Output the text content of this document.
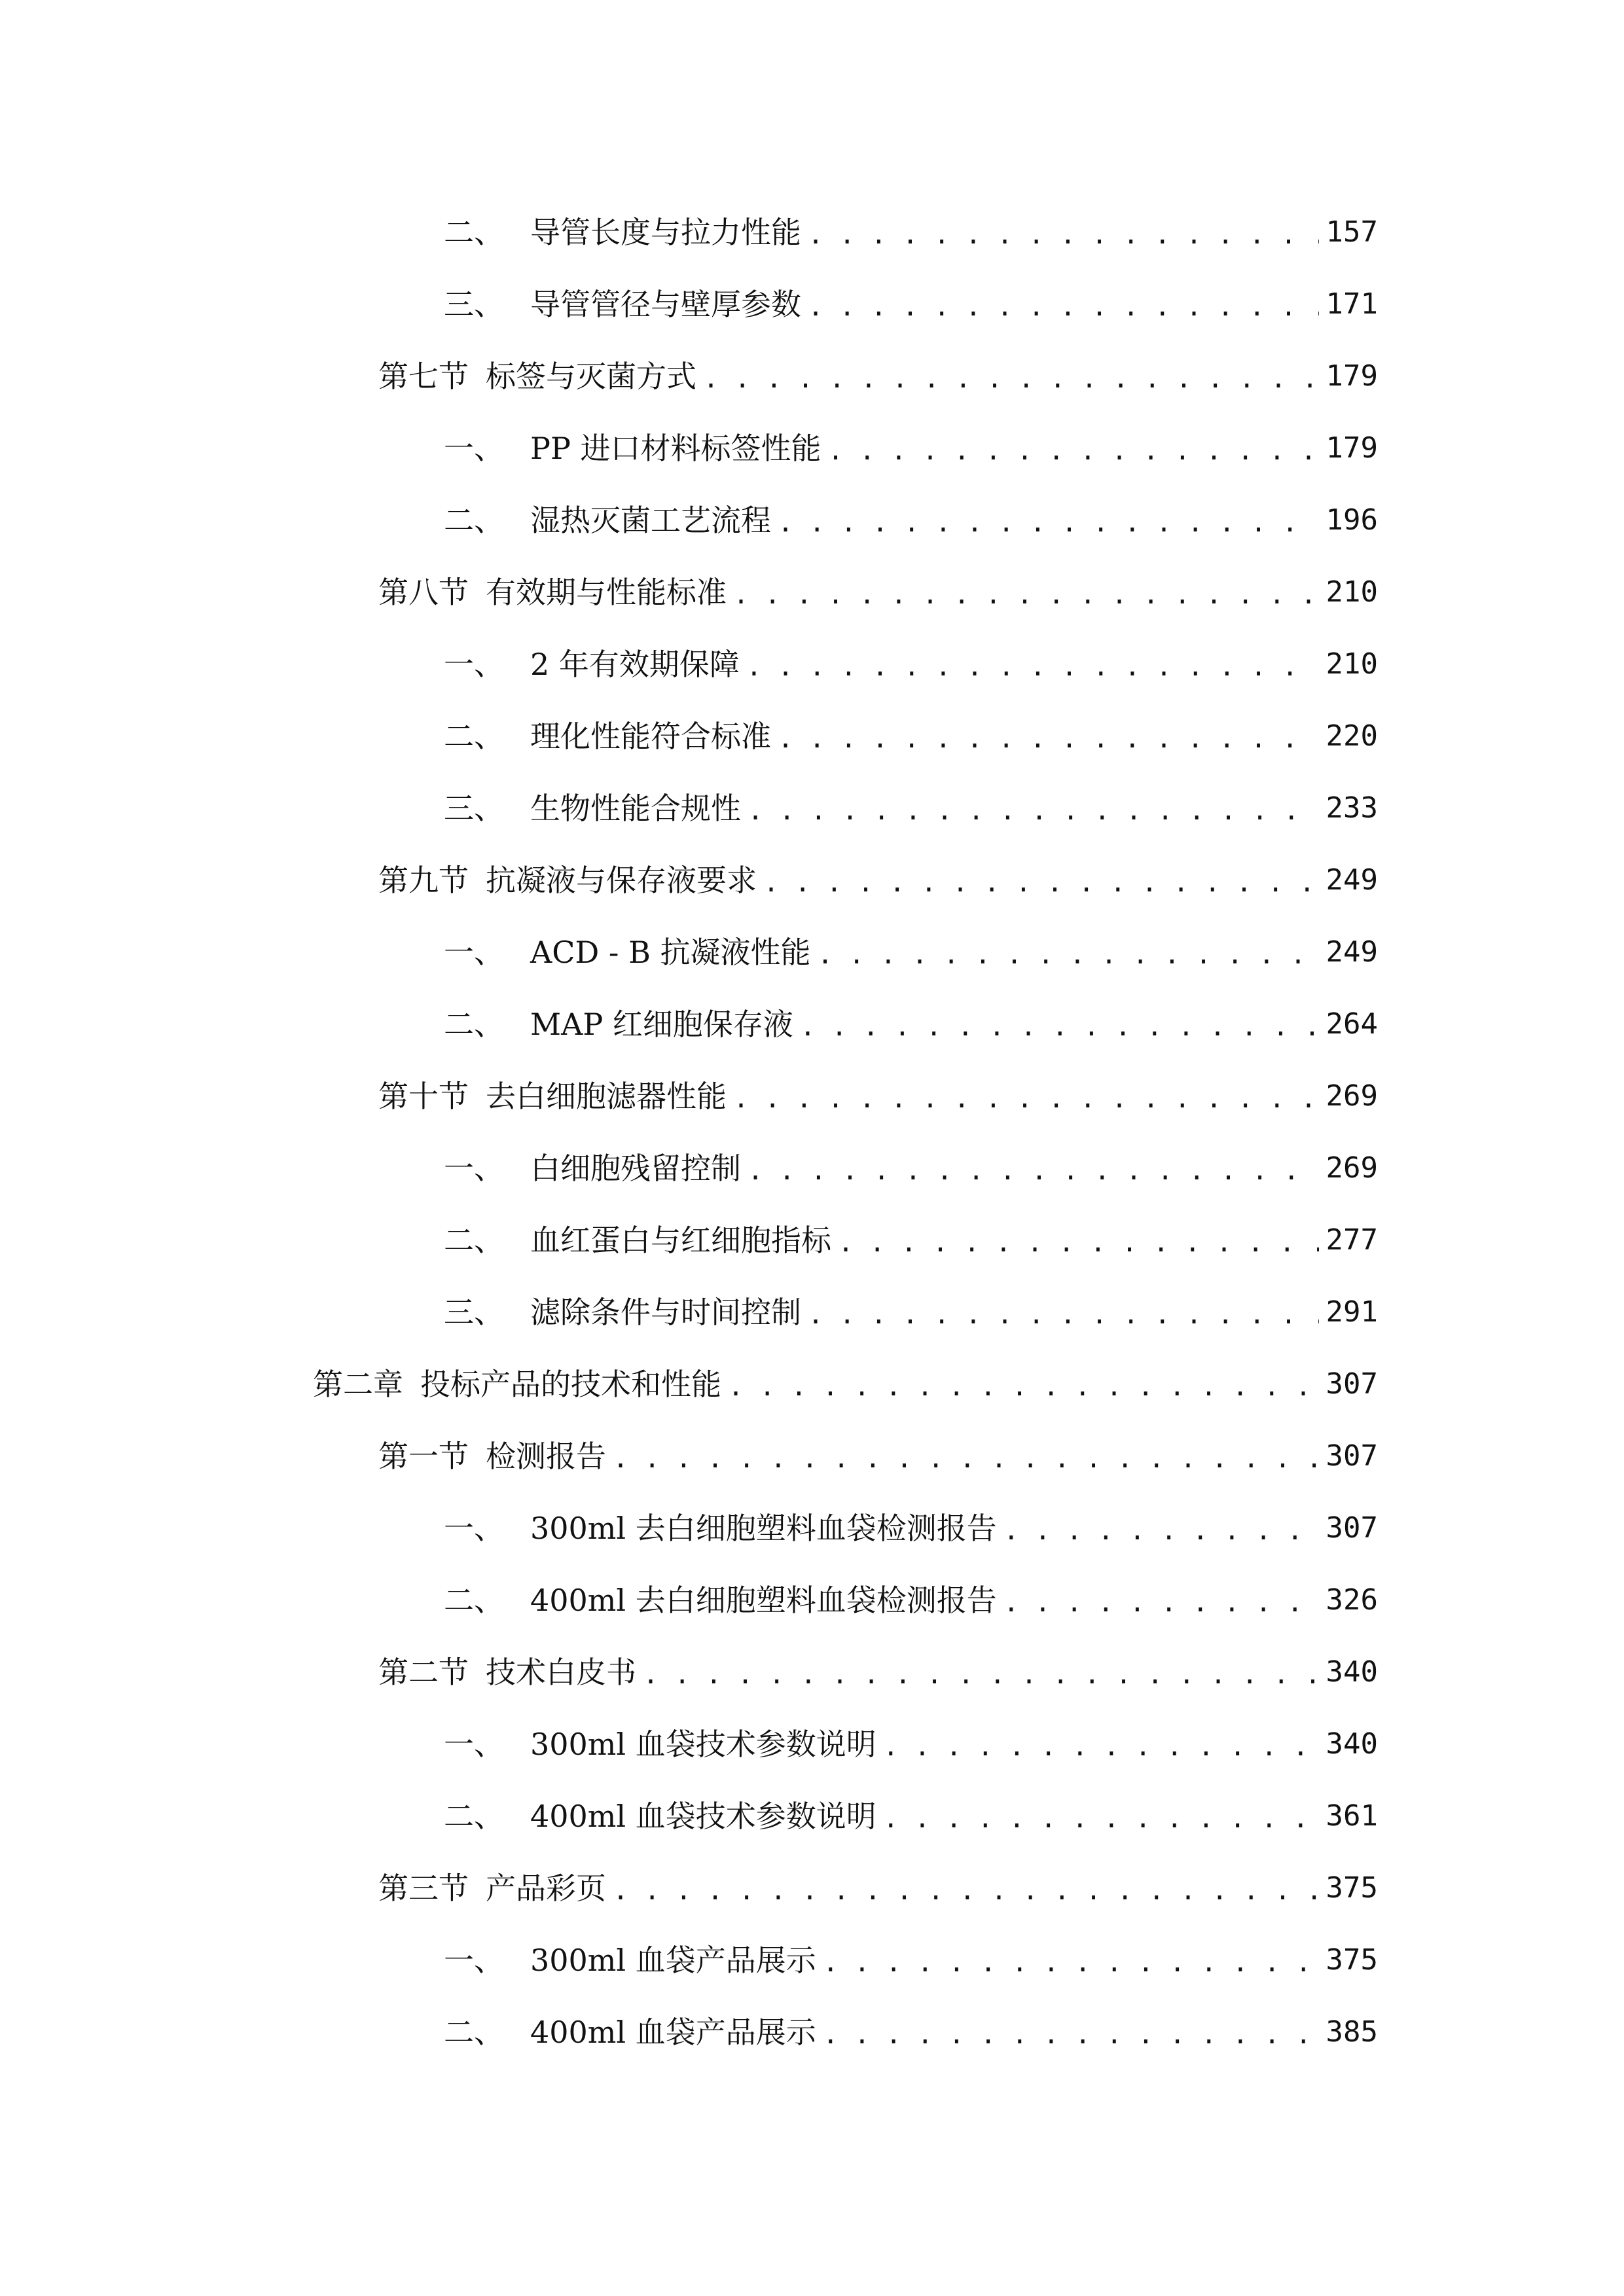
二、 导管长度与拉力性能 . . .	157
三、 导管管径与壁厚参数 . . .	171
第七节 标签与灭菌方式 . . .	179
一、 PP 进口材料标签性能 . . .	179
二、 湿热灭菌工艺流程 . . .	196
第八节 有效期与性能标准 . . .	210
一、 2 年有效期保障 . . .	210
二、 理化性能符合标准 . . .	220
三、 生物性能合规性 . . .	233
第九节 抗凝液与保存液要求 . . .	249
一、 ACD - B 抗凝液性能 . . .	249
二、 MAP 红细胞保存液 . . .	264
第十节 去白细胞滤器性能 . . .	269
一、 白细胞残留控制 . . .	269
二、 血红蛋白与红细胞指标 . . .	277
三、 滤除条件与时间控制 . . .	291
第二章 投标产品的技术和性能 . . .	307
第一节 检测报告 . . .	307
一、 300ml 去白细胞塑料血袋检测报告 . . .	307
二、 400ml 去白细胞塑料血袋检测报告 . . .	326
第二节 技术白皮书 . . .	340
一、 300ml 血袋技术参数说明 . . .	340
二、 400ml 血袋技术参数说明 . . .	361
第三节 产品彩页 . . .	375
一、 300ml 血袋产品展示 . . .	375
二、 400ml 血袋产品展示 . . .	385
